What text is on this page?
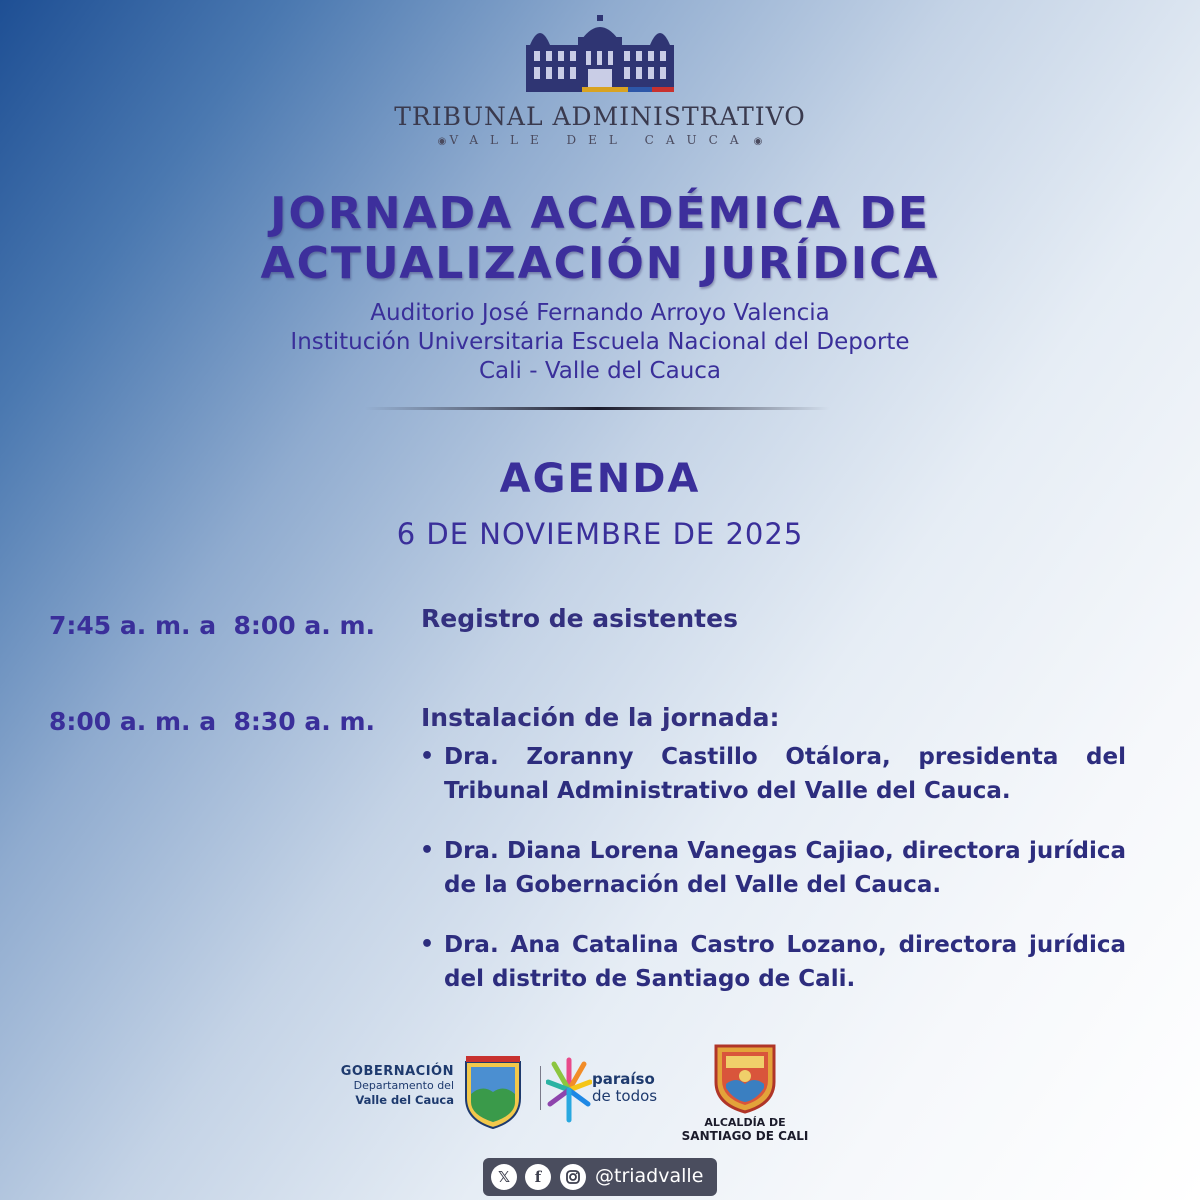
TRIBUNAL ADMINISTRATIVO
◉ VALLE DEL CAUCA ◉
JORNADA ACADÉMICA DE
ACTUALIZACIÓN JURÍDICA
Auditorio José Fernando Arroyo Valencia
Institución Universitaria Escuela Nacional del Deporte
Cali - Valle del Cauca
AGENDA
6 DE NOVIEMBRE DE 2025
7:45 a. m. a  8:00 a. m. Registro de asistentes
8:00 a. m. a  8:30 a. m. Instalación de la jornada:
• Dra. Zoranny Castillo Otálora, presidenta del Tribunal Administrativo del Valle del Cauca.
• Dra. Diana Lorena Vanegas Cajiao, directora jurídica de la Gobernación del Valle del Cauca.
• Dra. Ana Catalina Castro Lozano, directora jurídica del distrito de Santiago de Cali.
GOBERNACIÓN
Departamento del
Valle del Cauca
paraíso
de todos
ALCALDÍA DE
SANTIAGO DE CALI
𝕏	f	@triadvalle
